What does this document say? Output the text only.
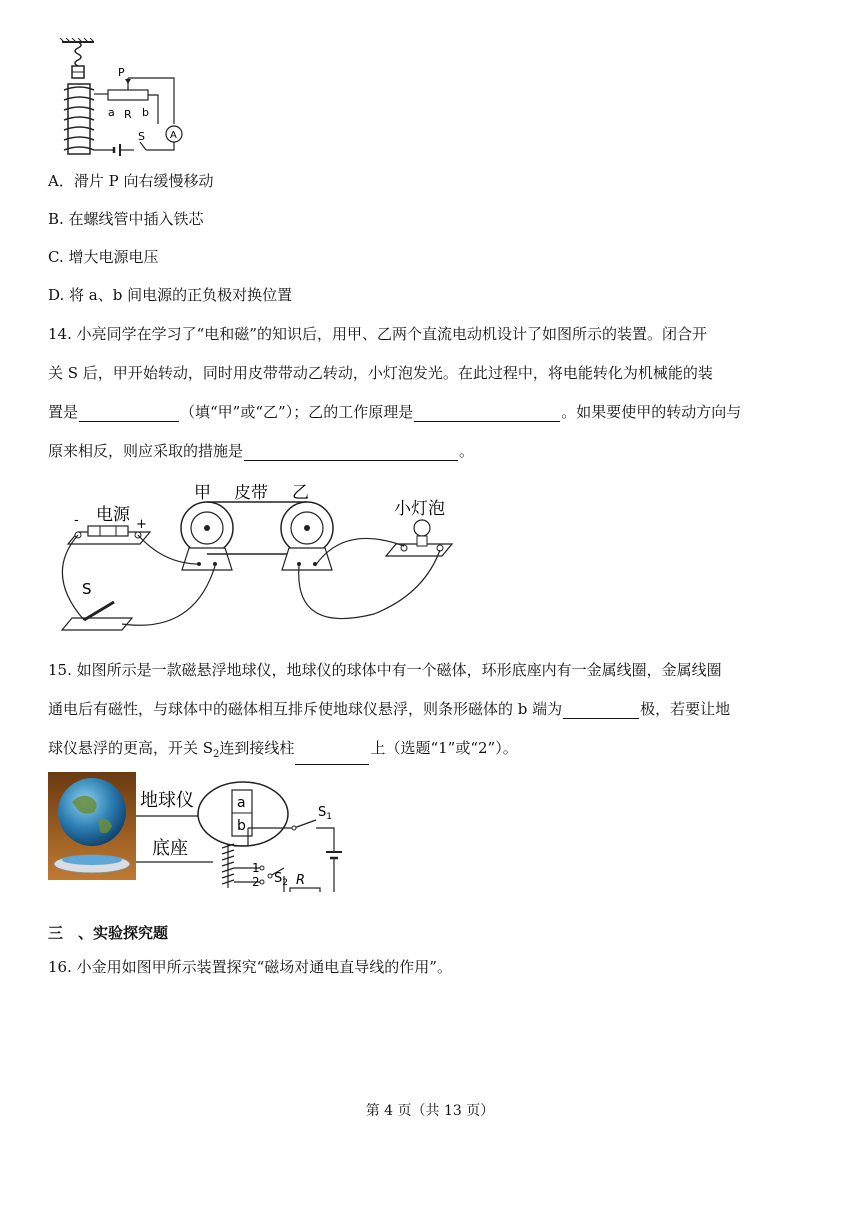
P
a R b
S	A
A．滑片 P 向右缓慢移动
B. 在螺线管中插入铁芯
C. 增大电源电压
D. 将 a、b 间电源的正负极对换位置
14. 小亮同学在学习了“电和磁”的知识后，用甲、乙两个直流电动机设计了如图所示的装置。闭合开
关 S 后，甲开始转动，同时用皮带带动乙转动，小灯泡发光。在此过程中，将电能转化为机械能的装
置是	（填“甲”或“乙”）；乙的工作原理是	。如果要使甲的转动方向与
原来相反，则应采取的措施是	。
-	+
电源
甲 皮带 乙
小灯泡
S
15. 如图所示是一款磁悬浮地球仪，地球仪的球体中有一个磁体，环形底座内有一金属线圈，金属线圈
通电后有磁性，与球体中的磁体相互排斥使地球仪悬浮，则条形磁体的 b 端为	极，若要让地
球仪悬浮的更高，开关 $S_2$连到接线柱	上（选题“1”或“2”）。
地球仪
底座
a
b
$S_1$
$S_2$
1
2	R
三　、实验探究题
16. 小金用如图甲所示装置探究“磁场对通电直导线的作用”。
第 4 页（共 13 页）
